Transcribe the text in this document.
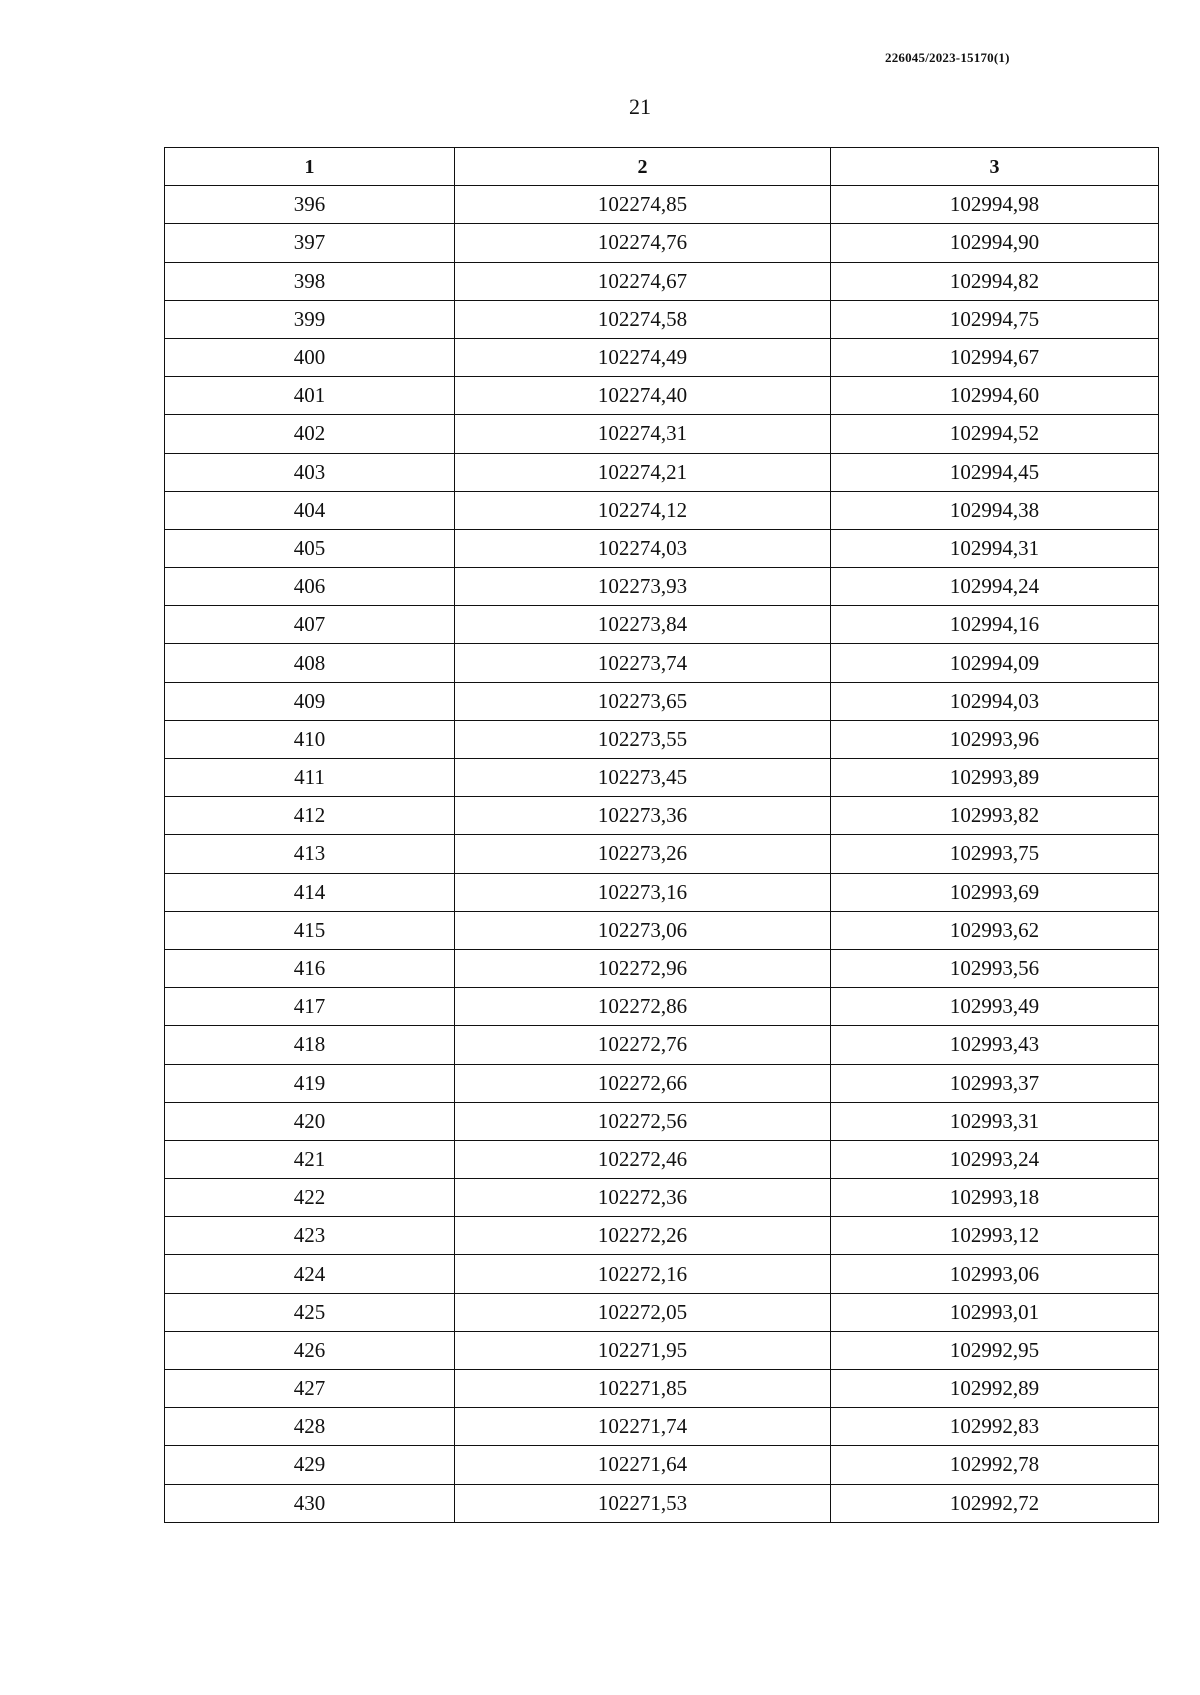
226045/2023-15170(1)
21
1	2	3
396	102274,85	102994,98
397	102274,76	102994,90
398	102274,67	102994,82
399	102274,58	102994,75
400	102274,49	102994,67
401	102274,40	102994,60
402	102274,31	102994,52
403	102274,21	102994,45
404	102274,12	102994,38
405	102274,03	102994,31
406	102273,93	102994,24
407	102273,84	102994,16
408	102273,74	102994,09
409	102273,65	102994,03
410	102273,55	102993,96
411	102273,45	102993,89
412	102273,36	102993,82
413	102273,26	102993,75
414	102273,16	102993,69
415	102273,06	102993,62
416	102272,96	102993,56
417	102272,86	102993,49
418	102272,76	102993,43
419	102272,66	102993,37
420	102272,56	102993,31
421	102272,46	102993,24
422	102272,36	102993,18
423	102272,26	102993,12
424	102272,16	102993,06
425	102272,05	102993,01
426	102271,95	102992,95
427	102271,85	102992,89
428	102271,74	102992,83
429	102271,64	102992,78
430	102271,53	102992,72
